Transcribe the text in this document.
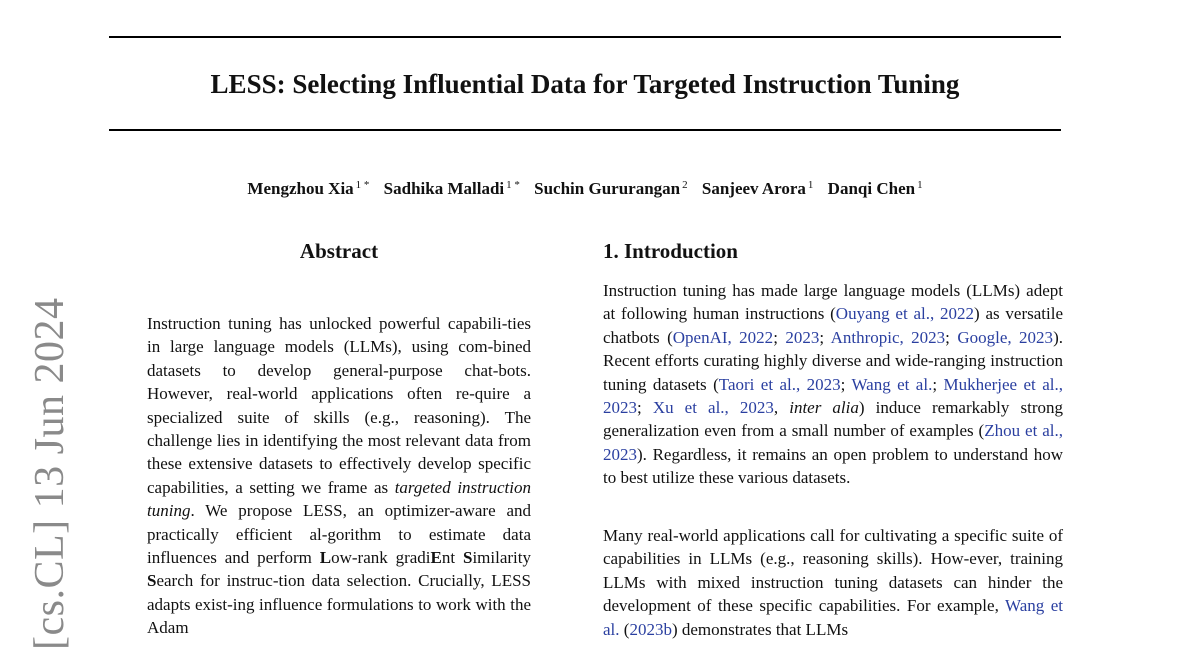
LESS: Selecting Influential Data for Targeted Instruction Tuning
Mengzhou Xia $^{1 *}$ Sadhika Malladi $^{1 *}$ Suchin Gururangan $^2$ Sanjeev Arora $^1$ Danqi Chen $^1$
[cs.CL] 13 Jun 2024
Abstract
Instruction tuning has unlocked powerful capabili-ties in large language models (LLMs), using com-bined datasets to develop general-purpose chat-bots. However, real-world applications often re-quire a specialized suite of skills (e.g., reasoning). The challenge lies in identifying the most relevant data from these extensive datasets to effectively develop specific capabilities, a setting we frame as targeted instruction tuning. We propose LESS, an optimizer-aware and practically efficient al-gorithm to estimate data influences and perform Low-rank gradiEnt Similarity Search for instruc-tion data selection. Crucially, LESS adapts exist-ing influence formulations to work with the Adam
1. Introduction

Instruction tuning has made large language models (LLMs) adept at following human instructions (Ouyang et al., 2022) as versatile chatbots (OpenAI, 2022; 2023; Anthropic, 2023; Google, 2023). Recent efforts curating highly diverse and wide-ranging instruction tuning datasets (Taori et al., 2023; Wang et al.; Mukherjee et al., 2023; Xu et al., 2023, inter alia) induce remarkably strong generalization even from a small number of examples (Zhou et al., 2023). Regardless, it remains an open problem to understand how to best utilize these various datasets.

Many real-world applications call for cultivating a specific suite of capabilities in LLMs (e.g., reasoning skills). How-ever, training LLMs with mixed instruction tuning datasets can hinder the development of these specific capabilities. For example, Wang et al. (2023b) demonstrates that LLMs
